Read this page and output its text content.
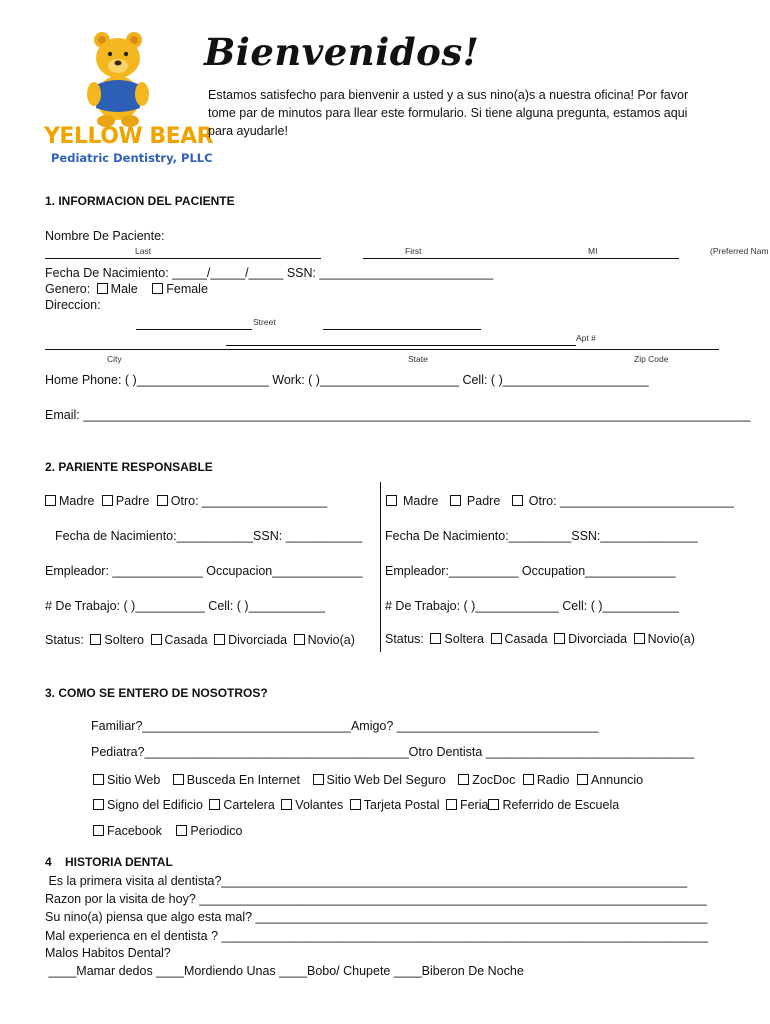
YELLOW BEAR
Pediatric Dentistry, PLLC
Bienvenidos!
Estamos satisfecho para bienvenir a usted y a sus nino(a)s a nuestra oficina! Por favor tome par de minutos para llear este formulario. Si tiene alguna pregunta, estamos aqui para ayudarle!
1. INFORMACION DEL PACIENTE
Nombre De Paciente:
Last	First	MI	(Preferred Nam
Fecha De Nacimiento: _____/_____/_____ SSN: _________________________
Genero: Male Female
Direccion:
Street
Apt #
City	State	Zip Code
Home Phone: ( )___________________ Work: ( )____________________ Cell: ( )_____________________
Email: ________________________________________________________________________________________________
2. PARIENTE RESPONSABLE
Madre Padre Otro: __________________
Fecha de Nacimiento:___________SSN: ___________
Empleador: _____________ Occupacion_____________
# De Trabajo: ( )__________ Cell: ( )___________
Status: Soltero Casada Divorciada Novio(a)
Madre Padre Otro: _________________________
Fecha De Nacimiento:_________SSN:______________
Empleador:__________ Occupation_____________
# De Trabajo: ( )____________ Cell: ( )___________
Status: Soltera Casada Divorciada Novio(a)
3. COMO SE ENTERO DE NOSOTROS?
Familiar?______________________________Amigo? _____________________________
Pediatra?______________________________________Otro Dentista ______________________________
Sitio Web Busceda En Internet Sitio Web Del Seguro ZocDoc Radio Annuncio
Signo del Edificio Cartelera Volantes Tarjeta Postal Feria Referrido de Escuela
Facebook Periodico
4    HISTORIA DENTAL
Es la primera visita al dentista?___________________________________________________________________
Razon por la visita de hoy? _________________________________________________________________________
Su nino(a) piensa que algo esta mal? _________________________________________________________________
Mal experienca en el dentista ? ______________________________________________________________________
Malos Habitos Dental?
____Mamar dedos ____Mordiendo Unas ____Bobo/ Chupete ____Biberon De Noche
